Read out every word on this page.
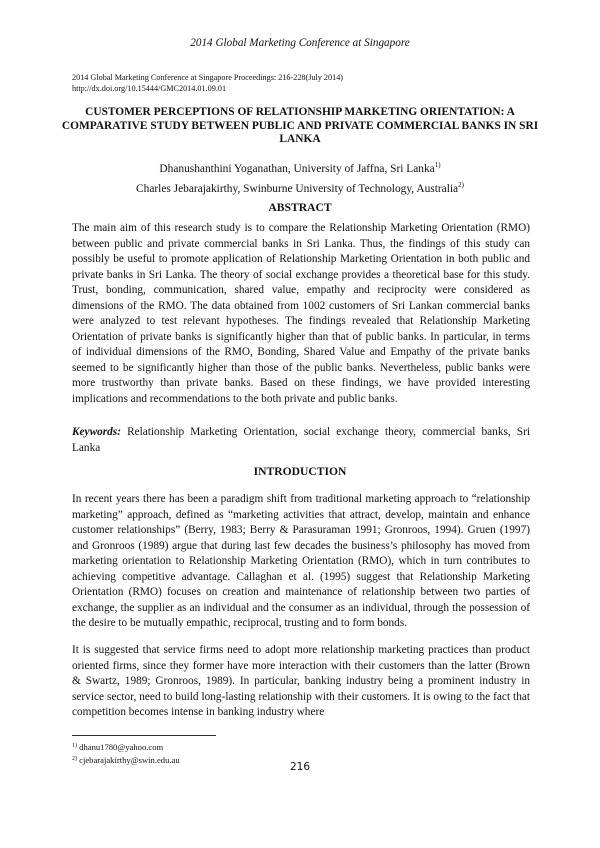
2014 Global Marketing Conference at Singapore
2014 Global Marketing Conference at Singapore Proceedings: 216-228(July 2014)
http://dx.doi.org/10.15444/GMC2014.01.09.01
CUSTOMER PERCEPTIONS OF RELATIONSHIP MARKETING ORIENTATION: A COMPARATIVE STUDY BETWEEN PUBLIC AND PRIVATE COMMERCIAL BANKS IN SRI LANKA
Dhanushanthini Yoganathan, University of Jaffna, Sri Lanka$^{1)}$
Charles Jebarajakirthy, Swinburne University of Technology, Australia$^{2)}$
ABSTRACT

The main aim of this research study is to compare the Relationship Marketing Orientation (RMO) between public and private commercial banks in Sri Lanka. Thus, the findings of this study can possibly be useful to promote application of Relationship Marketing Orientation in both public and private banks in Sri Lanka. The theory of social exchange provides a theoretical base for this study. Trust, bonding, communication, shared value, empathy and reciprocity were considered as dimensions of the RMO. The data obtained from 1002 customers of Sri Lankan commercial banks were analyzed to test relevant hypotheses. The findings revealed that Relationship Marketing Orientation of private banks is significantly higher than that of public banks. In particular, in terms of individual dimensions of the RMO, Bonding, Shared Value and Empathy of the private banks seemed to be significantly higher than those of the public banks. Nevertheless, public banks were more trustworthy than private banks. Based on these findings, we have provided interesting implications and recommendations to the both private and public banks.

Keywords: Relationship Marketing Orientation, social exchange theory, commercial banks, Sri Lanka

INTRODUCTION

In recent years there has been a paradigm shift from traditional marketing approach to “relationship marketing” approach, defined as “marketing activities that attract, develop, maintain and enhance customer relationships” (Berry, 1983; Berry & Parasuraman 1991; Gronroos, 1994). Gruen (1997) and Gronroos (1989) argue that during last few decades the business’s philosophy has moved from marketing orientation to Relationship Marketing Orientation (RMO), which in turn contributes to achieving competitive advantage. Callaghan et al. (1995) suggest that Relationship Marketing Orientation (RMO) focuses on creation and maintenance of relationship between two parties of exchange, the supplier as an individual and the consumer as an individual, through the possession of the desire to be mutually empathic, reciprocal, trusting and to form bonds.

It is suggested that service firms need to adopt more relationship marketing practices than product oriented firms, since they former have more interaction with their customers than the latter (Brown & Swartz, 1989; Gronroos, 1989). In particular, banking industry being a prominent industry in service sector, need to build long-lasting relationship with their customers. It is owing to the fact that competition becomes intense in banking industry where

$^{1)}$ dhanu1780@yahoo.com
$^{2)}$ cjebarajakirthy@swin.edu.au
216
